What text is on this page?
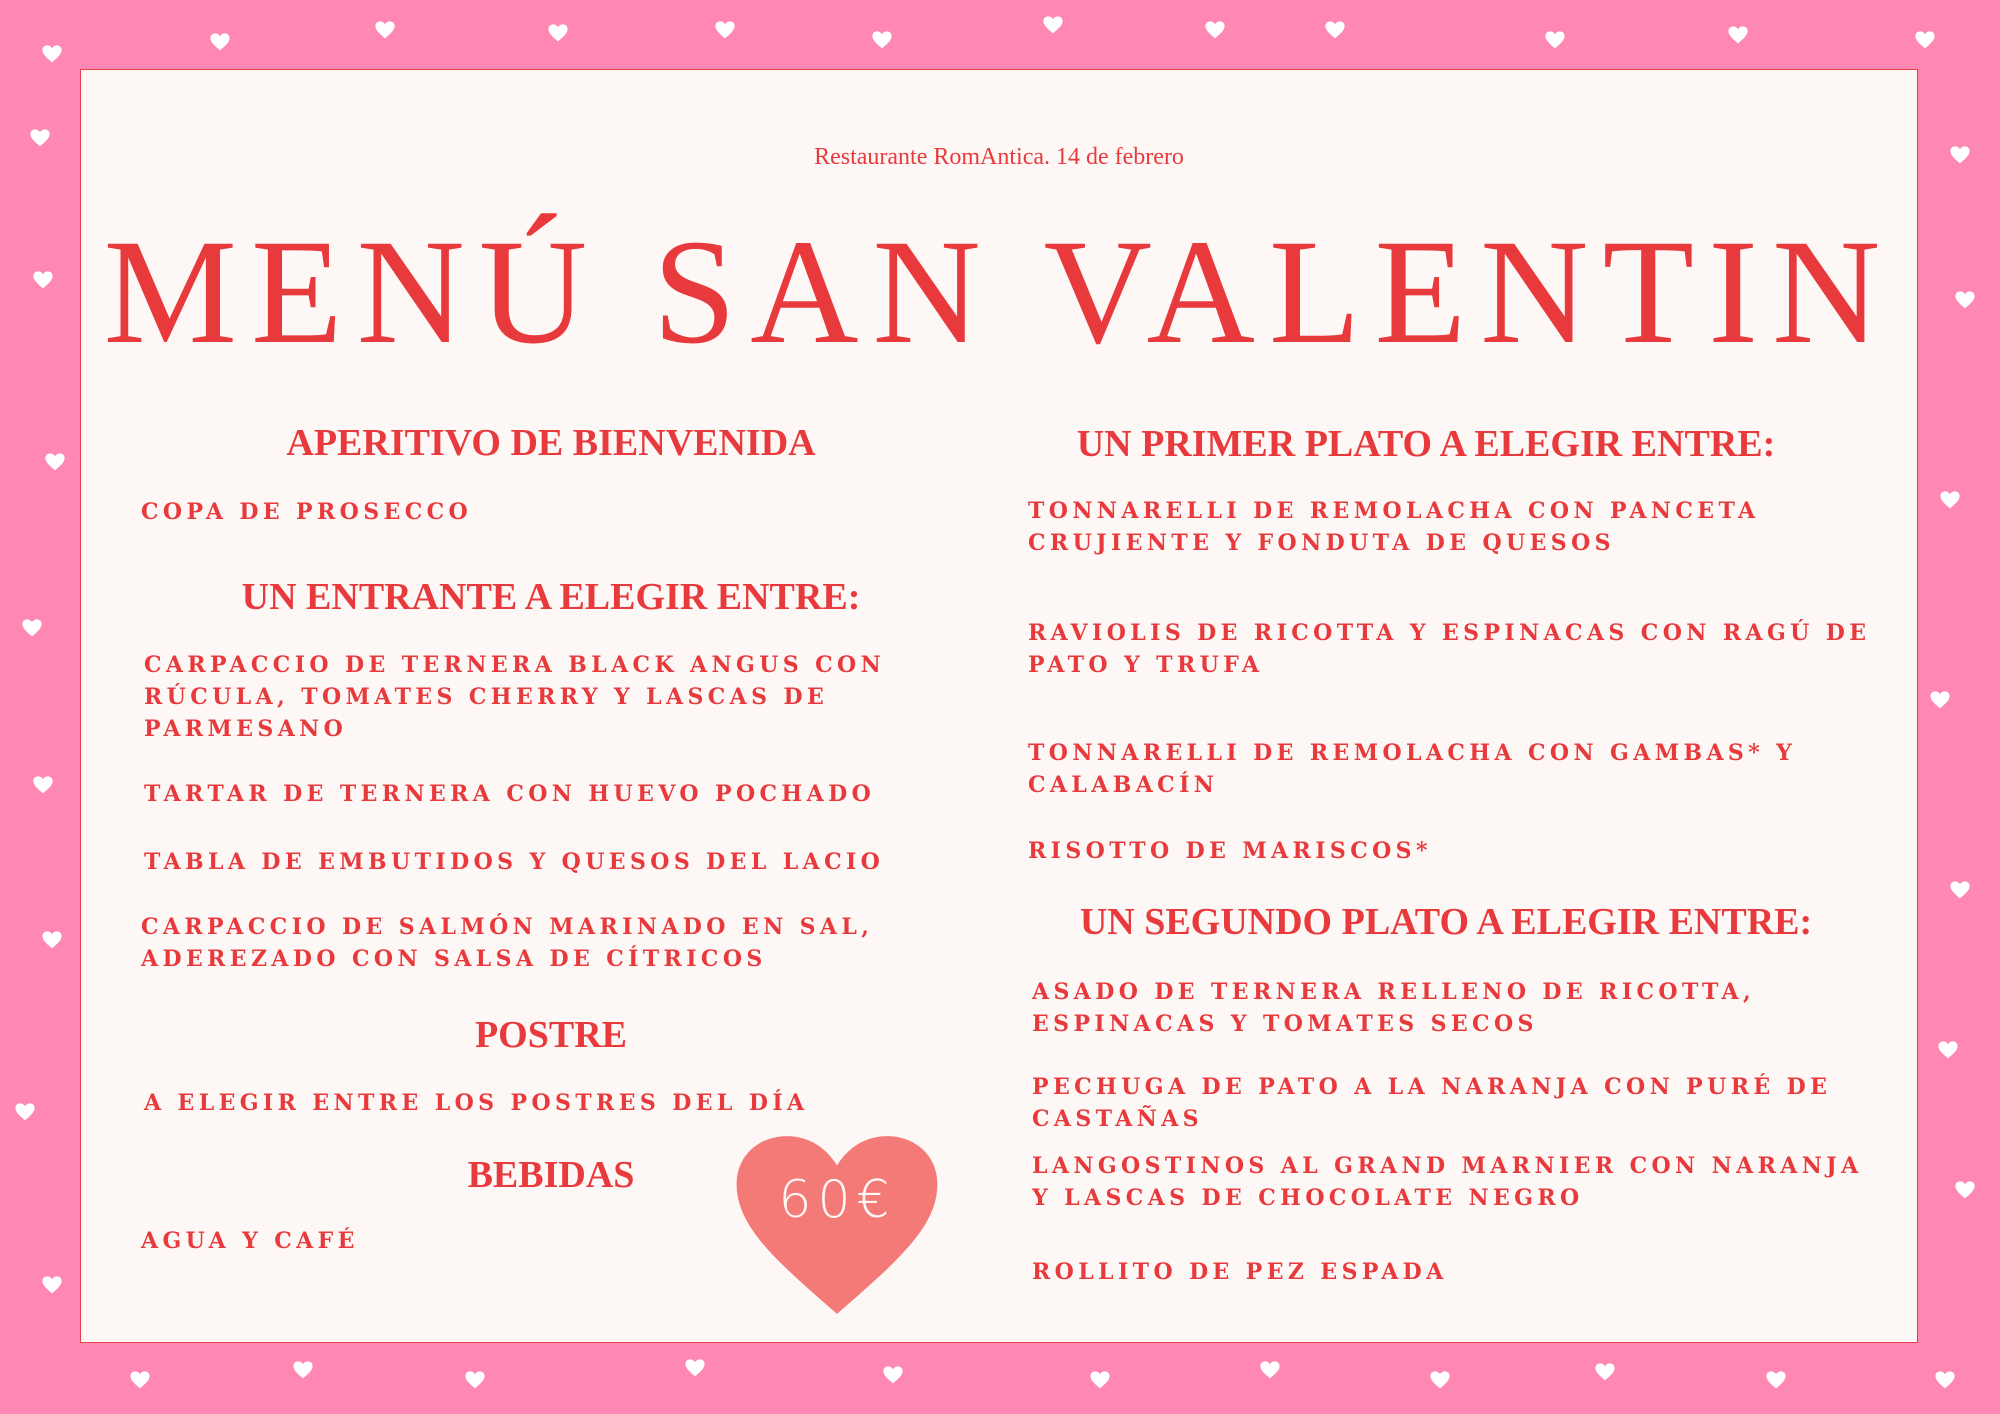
Restaurante RomAntica. 14 de febrero
MENÚ SAN VALENTIN
APERITIVO DE BIENVENIDA
COPA DE PROSECCO
UN ENTRANTE A ELEGIR ENTRE:
CARPACCIO DE TERNERA BLACK ANGUS CON RÚCULA, TOMATES CHERRY Y LASCAS DE PARMESANO
TARTAR DE TERNERA CON HUEVO POCHADO
TABLA DE EMBUTIDOS Y QUESOS DEL LACIO
CARPACCIO DE SALMÓN MARINADO EN SAL, ADEREZADO CON SALSA DE CÍTRICOS
POSTRE
A ELEGIR ENTRE LOS POSTRES DEL DÍA
BEBIDAS
AGUA Y CAFÉ
UN PRIMER PLATO A ELEGIR ENTRE:
TONNARELLI DE REMOLACHA CON PANCETA CRUJIENTE Y FONDUTA DE QUESOS
RAVIOLIS DE RICOTTA Y ESPINACAS CON RAGÚ DE PATO Y TRUFA
TONNARELLI DE REMOLACHA CON GAMBAS* Y CALABACÍN
RISOTTO DE MARISCOS*
UN SEGUNDO PLATO A ELEGIR ENTRE:
ASADO DE TERNERA RELLENO DE RICOTTA, ESPINACAS Y TOMATES SECOS
PECHUGA DE PATO A LA NARANJA CON PURÉ DE CASTAÑAS
LANGOSTINOS AL GRAND MARNIER CON NARANJA Y LASCAS DE CHOCOLATE NEGRO
ROLLITO DE PEZ ESPADA
60€
